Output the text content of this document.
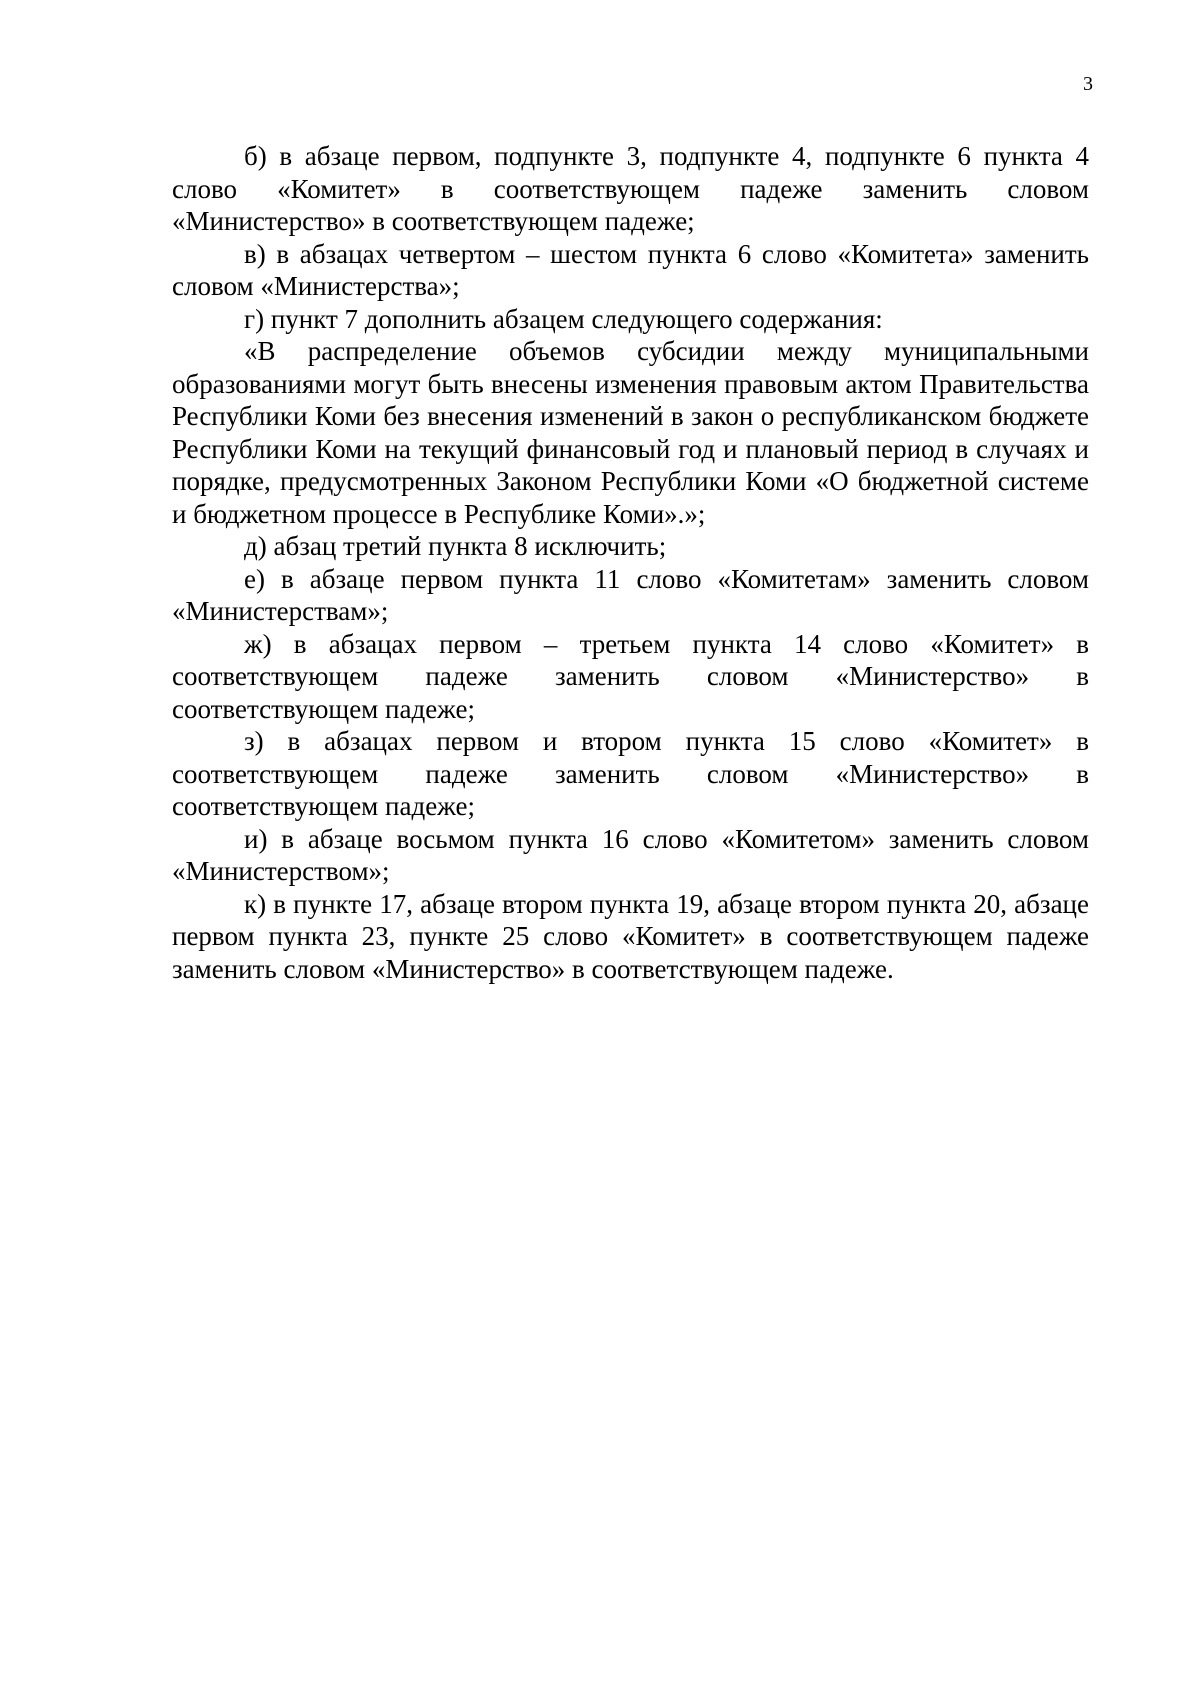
3

б) в абзаце первом, подпункте 3, подпункте 4, подпункте 6 пункта 4 слово «Комитет» в соответствующем падеже заменить словом «Министерство» в соответствующем падеже;

в) в абзацах четвертом – шестом пункта 6 слово «Комитета» заменить словом «Министерства»;

г) пункт 7 дополнить абзацем следующего содержания:

«В распределение объемов субсидии между муниципальными образованиями могут быть внесены изменения правовым актом Правительства Республики Коми без внесения изменений в закон о республиканском бюджете Республики Коми на текущий финансовый год и плановый период в случаях и порядке, предусмотренных Законом Республики Коми «О бюджетной системе и бюджетном процессе в Республике Коми».»;

д) абзац третий пункта 8 исключить;

е) в абзаце первом пункта 11 слово «Комитетам» заменить словом «Министерствам»;

ж) в абзацах первом – третьем пункта 14 слово «Комитет» в соответствующем падеже заменить словом «Министерство» в соответствующем падеже;

з) в абзацах первом и втором пункта 15 слово «Комитет» в соответствующем падеже заменить словом «Министерство» в соответствующем падеже;

и) в абзаце восьмом пункта 16 слово «Комитетом» заменить словом «Министерством»;

к) в пункте 17, абзаце втором пункта 19, абзаце втором пункта 20, абзаце первом пункта 23, пункте 25 слово «Комитет» в соответствующем падеже заменить словом «Министерство» в соответствующем падеже.
